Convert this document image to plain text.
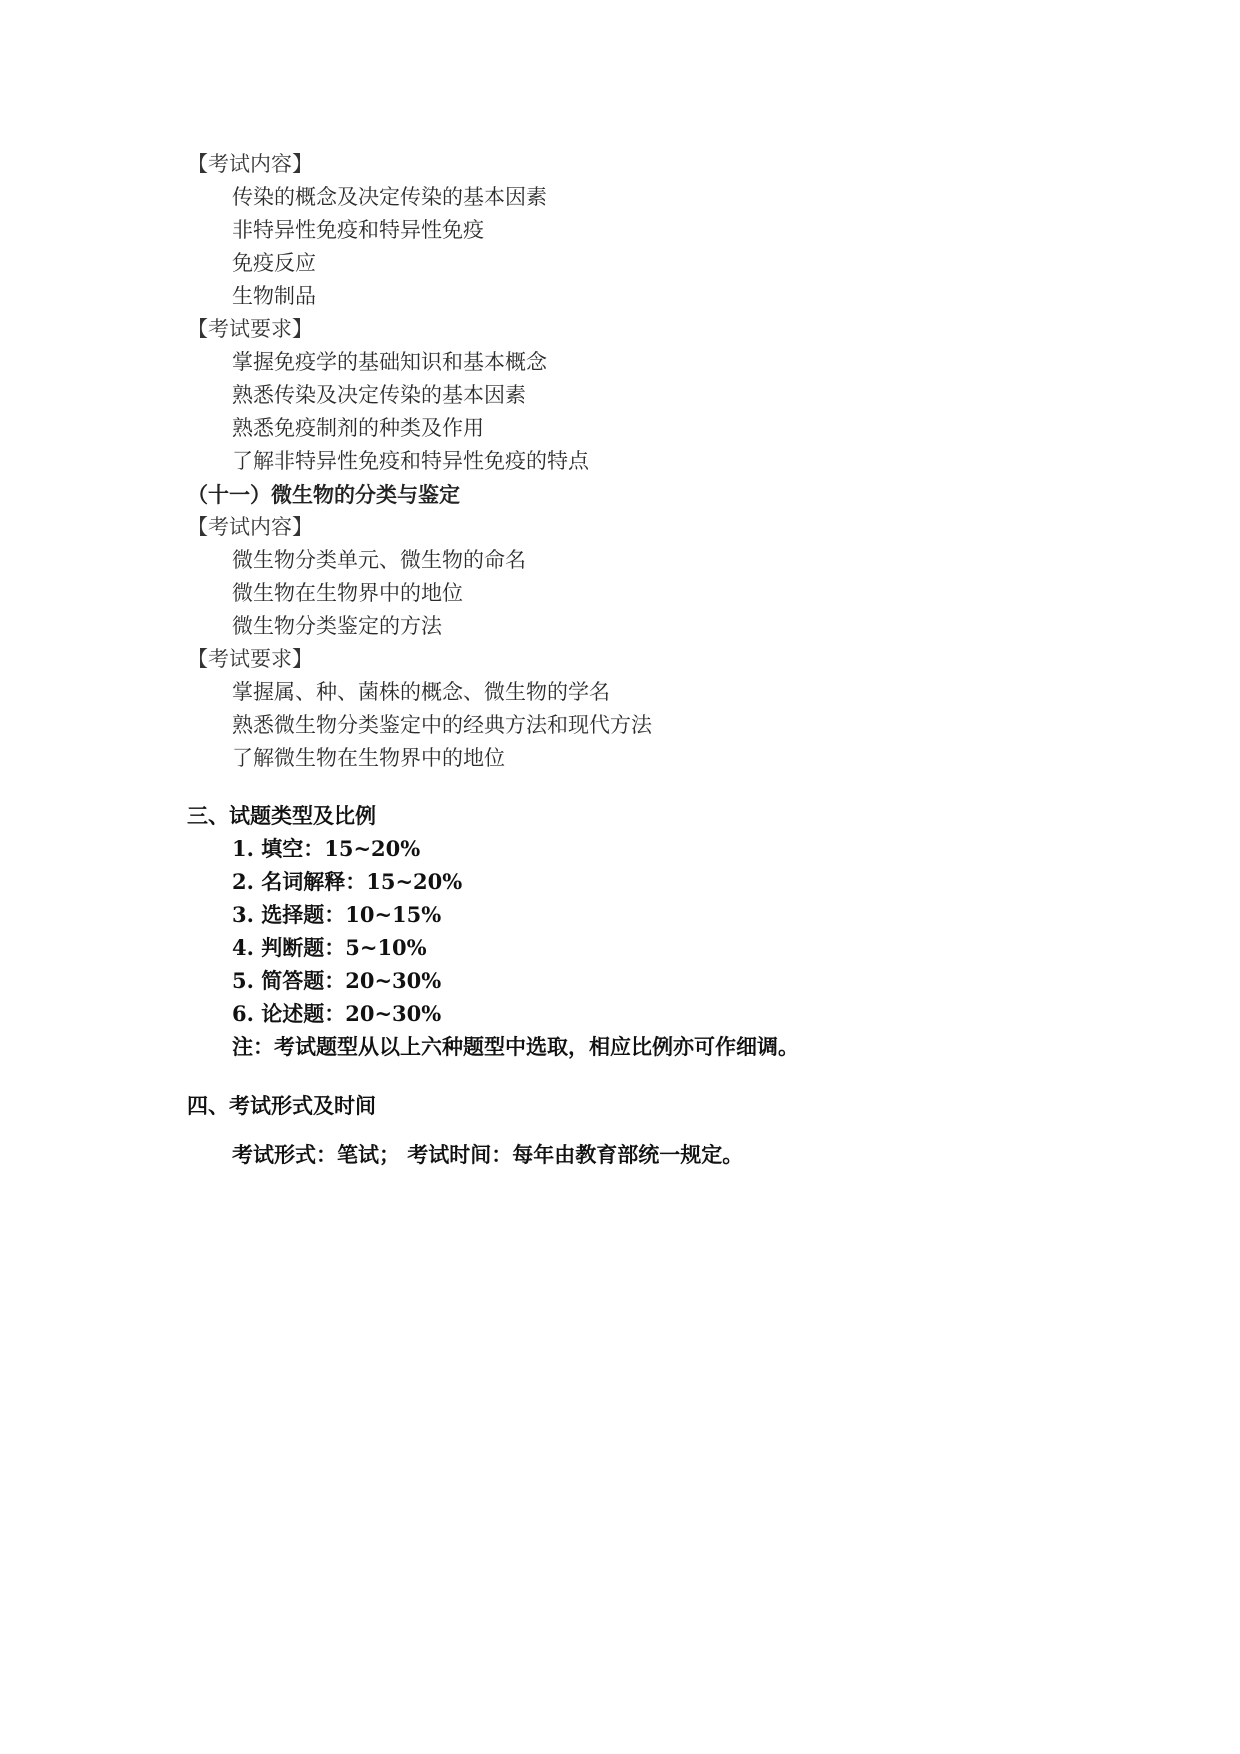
【考试内容】
传染的概念及决定传染的基本因素
非特异性免疫和特异性免疫
免疫反应
生物制品
【考试要求】
掌握免疫学的基础知识和基本概念
熟悉传染及决定传染的基本因素
熟悉免疫制剂的种类及作用
了解非特异性免疫和特异性免疫的特点
（十一）微生物的分类与鉴定
【考试内容】
微生物分类单元、微生物的命名
微生物在生物界中的地位
微生物分类鉴定的方法
【考试要求】
掌握属、种、菌株的概念、微生物的学名
熟悉微生物分类鉴定中的经典方法和现代方法
了解微生物在生物界中的地位
三、试题类型及比例
1. 填空：15~20%
2. 名词解释：15~20%
3. 选择题：10~15%
4. 判断题：5~10%
5. 简答题：20~30%
6. 论述题：20~30%
注：考试题型从以上六种题型中选取，相应比例亦可作细调。
四、考试形式及时间
考试形式：笔试； 考试时间：每年由教育部统一规定。
